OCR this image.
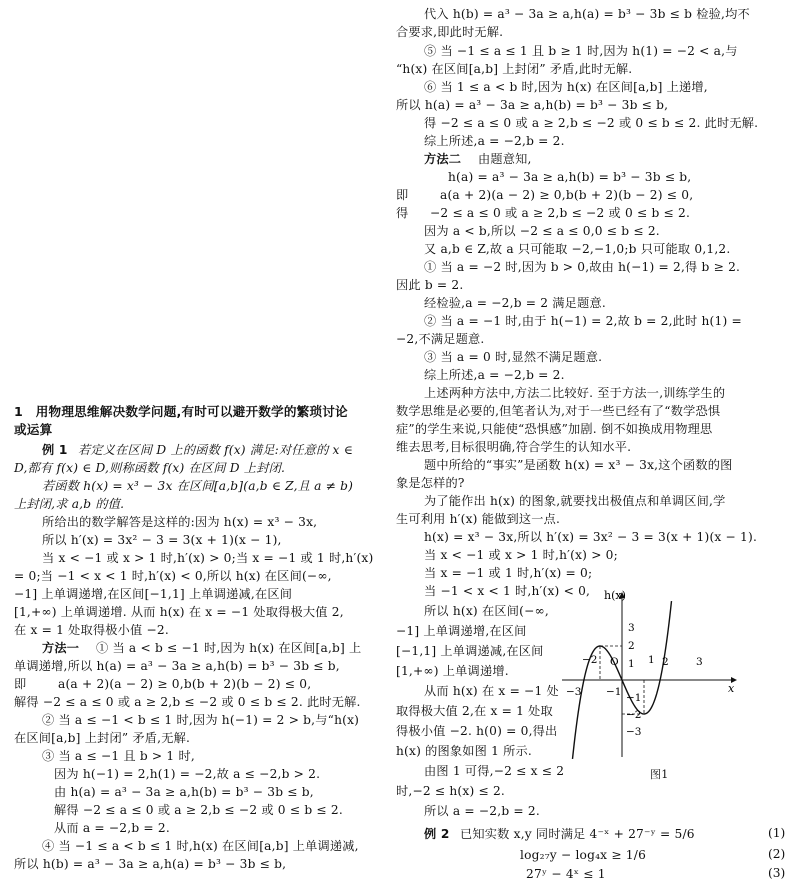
代入 h(b) = a³ − 3a ≥ a,h(a) = b³ − 3b ≤ b 检验,均不
合要求,即此时无解.
⑤ 当 −1 ≤ a ≤ 1 且 b ≥ 1 时,因为 h(1) = −2 < a,与
“h(x) 在区间[a,b] 上封闭” 矛盾,此时无解.
⑥ 当 1 ≤ a < b 时,因为 h(x) 在区间[a,b] 上递增,
所以 h(a) = a³ − 3a ≥ a,h(b) = b³ − 3b ≤ b,
得 −2 ≤ a ≤ 0 或 a ≥ 2,b ≤ −2 或 0 ≤ b ≤ 2. 此时无解.
综上所述,a = −2,b = 2.
方法二 由题意知,
h(a) = a³ − 3a ≥ a,h(b) = b³ − 3b ≤ b,
即	a(a + 2)(a − 2) ≥ 0,b(b + 2)(b − 2) ≤ 0,
得 −2 ≤ a ≤ 0 或 a ≥ 2,b ≤ −2 或 0 ≤ b ≤ 2.
因为 a < b,所以 −2 ≤ a ≤ 0,0 ≤ b ≤ 2.
又 a,b ∈ Z,故 a 只可能取 −2,−1,0;b 只可能取 0,1,2.
① 当 a = −2 时,因为 b > 0,故由 h(−1) = 2,得 b ≥ 2.
因此 b = 2.
经检验,a = −2,b = 2 满足题意.
② 当 a = −1 时,由于 h(−1) = 2,故 b = 2,此时 h(1) =
−2,不满足题意.
③ 当 a = 0 时,显然不满足题意.
综上所述,a = −2,b = 2.
上述两种方法中,方法二比较好. 至于方法一,训练学生的
数学思维是必要的,但笔者认为,对于一些已经有了“数学恐惧
症”的学生来说,只能使“恐惧感”加剧. 倒不如换成用物理思
维去思考,目标很明确,符合学生的认知水平.
题中所给的“事实”是函数 h(x) = x³ − 3x,这个函数的图
象是怎样的?
为了能作出 h(x) 的图象,就要找出极值点和单调区间,学
生可利用 h′(x) 能做到这一点.
h(x) = x³ − 3x,所以 h′(x) = 3x² − 3 = 3(x + 1)(x − 1).
当 x < −1 或 x > 1 时,h′(x) > 0;
当 x = −1 或 1 时,h′(x) = 0;
当 −1 < x < 1 时,h′(x) < 0,
所以 h(x) 在区间(−∞,
−1] 上单调递增,在区间
[−1,1] 上单调递减,在区间
[1,+∞) 上单调递增.
从而 h(x) 在 x = −1 处
取得极大值 2,在 x = 1 处取
得极小值 −2. h(0) = 0,得出
h(x) 的图象如图 1 所示.
由图 1 可得,−2 ≤ x ≤ 2
时,−2 ≤ h(x) ≤ 2.
所以 a = −2,b = 2.
例 2 已知实数 x,y 同时满足 4⁻ˣ + 27⁻ʸ = 5/6	(1)
log₂₇y − log₄x ≥ 1/6	(2)
27ʸ − 4ˣ ≤ 1	(3)
h(x)
x
3
2
1
−1
−2
−3
−3
−2
−1
O	1 2	3
图1
1　用物理思维解决数学问题,有时可以避开数学的繁琐讨论
或运算
例 1 若定义在区间 D 上的函数 f(x) 满足:对任意的 x ∈
D,都有 f(x) ∈ D,则称函数 f(x) 在区间 D 上封闭.
若函数 h(x) = x³ − 3x 在区间[a,b](a,b ∈ Z,且 a ≠ b)
上封闭,求 a,b 的值.
所给出的数学解答是这样的:因为 h(x) = x³ − 3x,
所以 h′(x) = 3x² − 3 = 3(x + 1)(x − 1),
当 x < −1 或 x > 1 时,h′(x) > 0;当 x = −1 或 1 时,h′(x)
= 0;当 −1 < x < 1 时,h′(x) < 0,所以 h(x) 在区间(−∞,
−1] 上单调递增,在区间[−1,1] 上单调递减,在区间
[1,+∞) 上单调递增. 从而 h(x) 在 x = −1 处取得极大值 2,
在 x = 1 处取得极小值 −2.
方法一 ① 当 a < b ≤ −1 时,因为 h(x) 在区间[a,b] 上
单调递增,所以 h(a) = a³ − 3a ≥ a,h(b) = b³ − 3b ≤ b,
即	a(a + 2)(a − 2) ≥ 0,b(b + 2)(b − 2) ≤ 0,
解得 −2 ≤ a ≤ 0 或 a ≥ 2,b ≤ −2 或 0 ≤ b ≤ 2. 此时无解.
② 当 a ≤ −1 < b ≤ 1 时,因为 h(−1) = 2 > b,与“h(x)
在区间[a,b] 上封闭” 矛盾,无解.
③ 当 a ≤ −1 且 b > 1 时,
因为 h(−1) = 2,h(1) = −2,故 a ≤ −2,b > 2.
由 h(a) = a³ − 3a ≥ a,h(b) = b³ − 3b ≤ b,
解得 −2 ≤ a ≤ 0 或 a ≥ 2,b ≤ −2 或 0 ≤ b ≤ 2.
从而 a = −2,b = 2.
④ 当 −1 ≤ a < b ≤ 1 时,h(x) 在区间[a,b] 上单调递减,
所以 h(b) = a³ − 3a ≥ a,h(a) = b³ − 3b ≤ b,
